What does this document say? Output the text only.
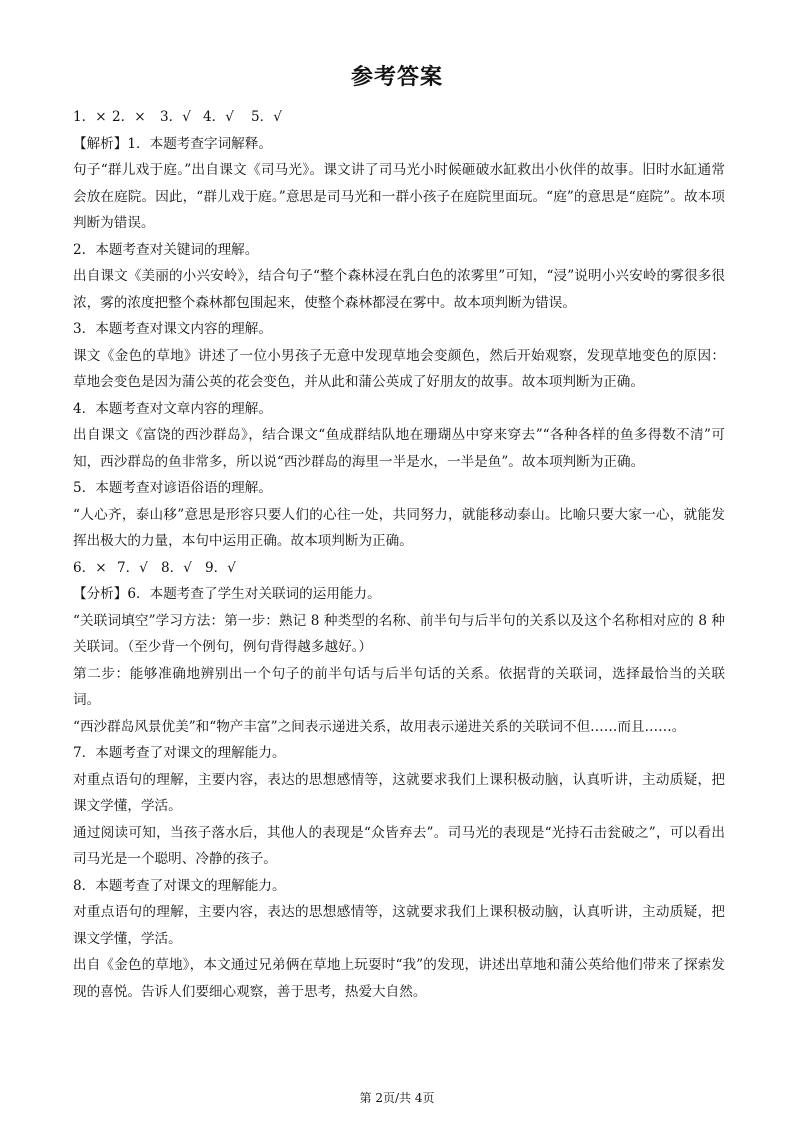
参考答案

1．× 2．× 3．√ 4．√ 5．√

【解析】1．本题考查字词解释。

句子“群儿戏于庭。”出自课文《司马光》。课文讲了司马光小时候砸破水缸救出小伙伴的故事。旧时水缸通常会放在庭院。因此，“群儿戏于庭。”意思是司马光和一群小孩子在庭院里面玩。“庭”的意思是“庭院”。故本项判断为错误。

2．本题考查对关键词的理解。

出自课文《美丽的小兴安岭》，结合句子“整个森林浸在乳白色的浓雾里”可知，“浸”说明小兴安岭的雾很多很浓，雾的浓度把整个森林都包围起来，使整个森林都浸在雾中。故本项判断为错误。

3．本题考查对课文内容的理解。

课文《金色的草地》讲述了一位小男孩子无意中发现草地会变颜色，然后开始观察，发现草地变色的原因：草地会变色是因为蒲公英的花会变色，并从此和蒲公英成了好朋友的故事。故本项判断为正确。

4．本题考查对文章内容的理解。

出自课文《富饶的西沙群岛》，结合课文“鱼成群结队地在珊瑚丛中穿来穿去”“各种各样的鱼多得数不清”可知，西沙群岛的鱼非常多，所以说“西沙群岛的海里一半是水，一半是鱼”。故本项判断为正确。

5．本题考查对谚语俗语的理解。

“人心齐，泰山移”意思是形容只要人们的心往一处，共同努力，就能移动泰山。比喻只要大家一心，就能发挥出极大的力量，本句中运用正确。故本项判断为正确。

6．× 7．√ 8．√ 9．√

【分析】6．本题考查了学生对关联词的运用能力。

“关联词填空”学习方法：第一步：熟记 8 种类型的名称、前半句与后半句的关系以及这个名称相对应的 8 种关联词。（至少背一个例句，例句背得越多越好。）

第二步：能够准确地辨别出一个句子的前半句话与后半句话的关系。依据背的关联词，选择最恰当的关联词。

“西沙群岛风景优美”和“物产丰富”之间表示递进关系，故用表示递进关系的关联词不但……而且……。

7．本题考查了对课文的理解能力。

对重点语句的理解，主要内容，表达的思想感情等，这就要求我们上课积极动脑，认真听讲，主动质疑，把课文学懂，学活。

通过阅读可知，当孩子落水后，其他人的表现是“众皆弃去”。司马光的表现是“光持石击瓮破之”，可以看出司马光是一个聪明、冷静的孩子。

8．本题考查了对课文的理解能力。

对重点语句的理解，主要内容，表达的思想感情等，这就要求我们上课积极动脑，认真听讲，主动质疑，把课文学懂，学活。

出自《金色的草地》，本文通过兄弟俩在草地上玩耍时“我”的发现，讲述出草地和蒲公英给他们带来了探索发现的喜悦。告诉人们要细心观察，善于思考，热爱大自然。

第 2页/共 4页
